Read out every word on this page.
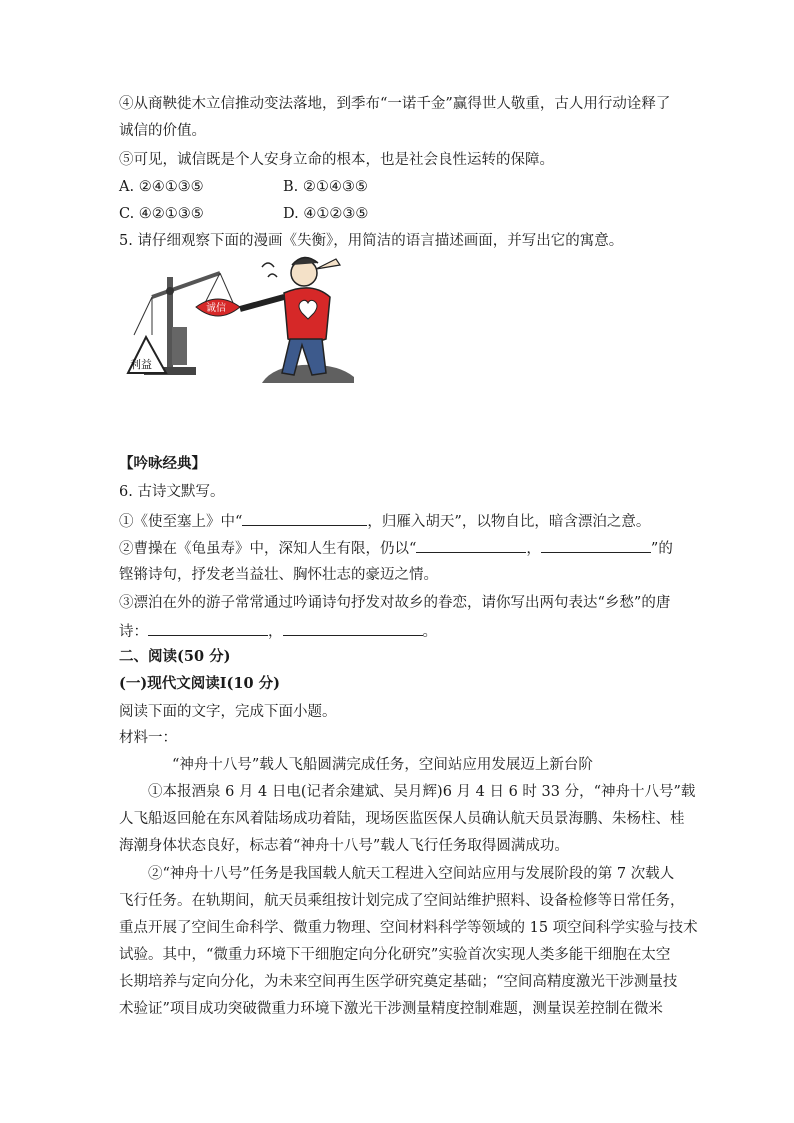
④从商鞅徙木立信推动变法落地，到季布“一诺千金”赢得世人敬重，古人用行动诠释了
诚信的价值。
⑤可见，诚信既是个人安身立命的根本，也是社会良性运转的保障。
A. ②④①③⑤	B. ②①④③⑤
C. ④②①③⑤	D. ④①②③⑤
5. 请仔细观察下面的漫画《失衡》，用简洁的语言描述画面，并写出它的寓意。
利益
诚信
【吟咏经典】
6. 古诗文默写。
①《使至塞上》中“	，归雁入胡天”，以物自比，暗含漂泊之意。
②曹操在《龟虽寿》中，深知人生有限，仍以“	，	”的
铿锵诗句，抒发老当益壮、胸怀壮志的豪迈之情。
③漂泊在外的游子常常通过吟诵诗句抒发对故乡的眷恋，请你写出两句表达“乡愁”的唐
诗：	，	。
二、阅读(50 分)
(一)现代文阅读Ⅰ(10 分)
阅读下面的文字，完成下面小题。
材料一：
“神舟十八号”载人飞船圆满完成任务，空间站应用发展迈上新台阶
①本报酒泉 6 月 4 日电(记者余建斌、吴月辉)6 月 4 日 6 时 33 分，“神舟十八号”载
人飞船返回舱在东风着陆场成功着陆，现场医监医保人员确认航天员景海鹏、朱杨柱、桂
海潮身体状态良好，标志着“神舟十八号”载人飞行任务取得圆满成功。
②“神舟十八号”任务是我国载人航天工程进入空间站应用与发展阶段的第 7 次载人
飞行任务。在轨期间，航天员乘组按计划完成了空间站维护照料、设备检修等日常任务，
重点开展了空间生命科学、微重力物理、空间材料科学等领域的 15 项空间科学实验与技术
试验。其中，“微重力环境下干细胞定向分化研究”实验首次实现人类多能干细胞在太空
长期培养与定向分化，为未来空间再生医学研究奠定基础；“空间高精度激光干涉测量技
术验证”项目成功突破微重力环境下激光干涉测量精度控制难题，测量误差控制在微米
